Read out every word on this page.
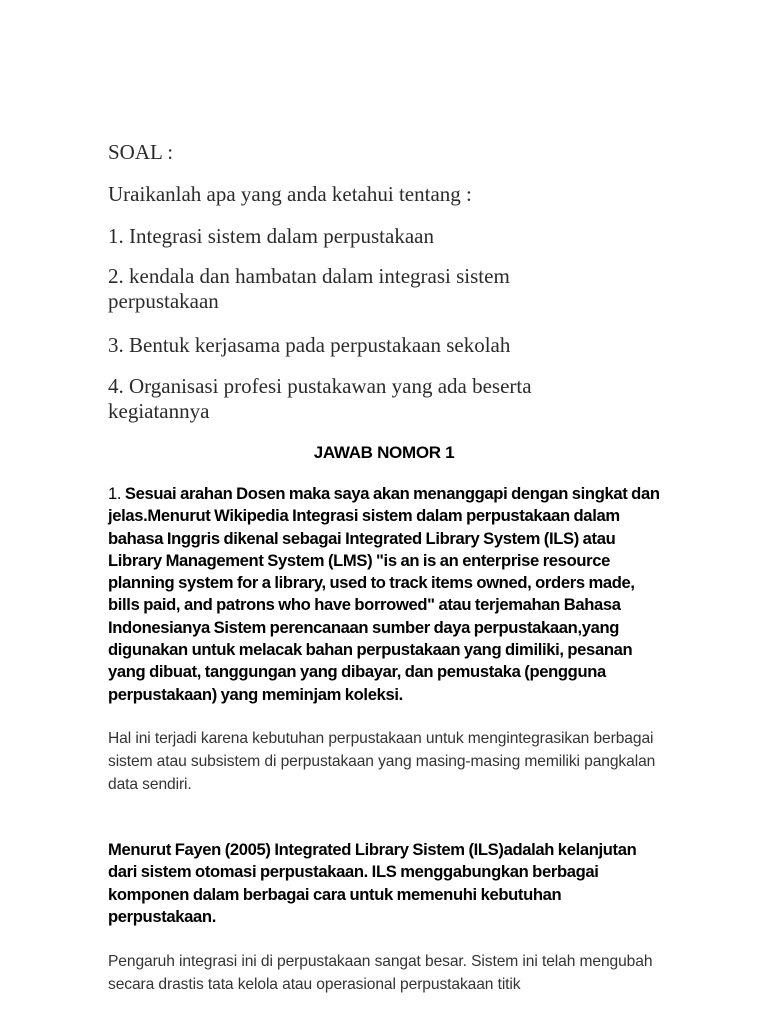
SOAL :

Uraikanlah apa yang anda ketahui tentang :

1. Integrasi sistem dalam perpustakaan

2. kendala dan hambatan dalam integrasi sistem perpustakaan

3. Bentuk kerjasama pada perpustakaan sekolah

4. Organisasi profesi pustakawan yang ada beserta kegiatannya

JAWAB NOMOR 1

1. Sesuai arahan Dosen maka saya akan menanggapi dengan singkat dan jelas.Menurut Wikipedia Integrasi sistem dalam perpustakaan dalam bahasa Inggris dikenal sebagai Integrated Library System (ILS) atau Library Management System (LMS) "is an is an enterprise resource planning system for a library, used to track items owned, orders made, bills paid, and patrons who have borrowed" atau terjemahan Bahasa Indonesianya Sistem perencanaan sumber daya perpustakaan,yang digunakan untuk melacak bahan perpustakaan yang dimiliki, pesanan yang dibuat, tanggungan yang dibayar, dan pemustaka (pengguna perpustakaan) yang meminjam koleksi.

Hal ini terjadi karena kebutuhan perpustakaan untuk mengintegrasikan berbagai sistem atau subsistem di perpustakaan yang masing-masing memiliki pangkalan data sendiri.

Menurut Fayen (2005) Integrated Library Sistem (ILS)adalah kelanjutan dari sistem otomasi perpustakaan. ILS menggabungkan berbagai komponen dalam berbagai cara untuk memenuhi kebutuhan perpustakaan.

Pengaruh integrasi ini di perpustakaan sangat besar. Sistem ini telah mengubah secara drastis tata kelola atau operasional perpustakaan titik
